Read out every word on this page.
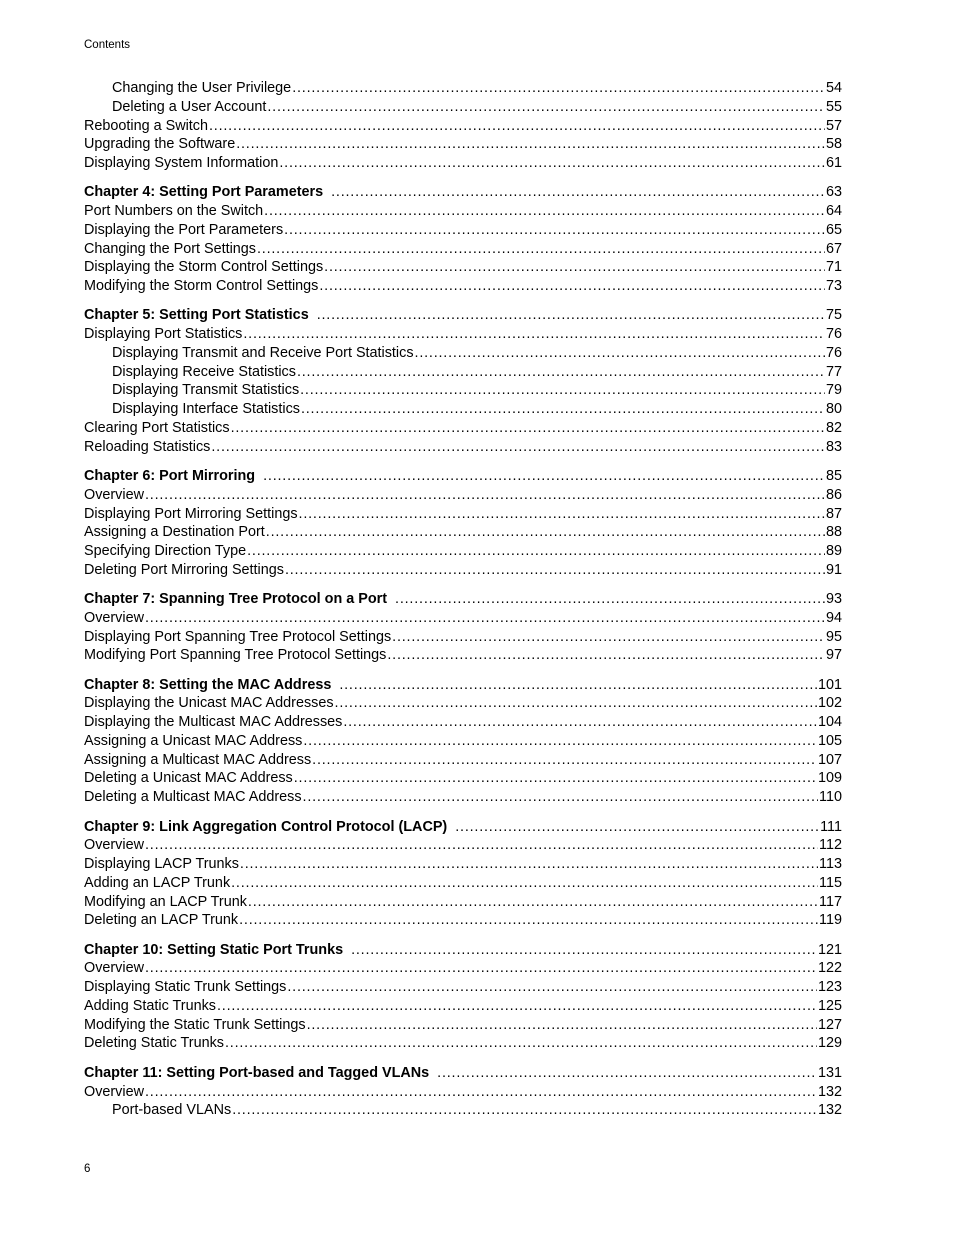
Contents
Changing the User Privilege . . .	54
Deleting a User Account . . .	55
Rebooting a Switch . . .	57
Upgrading the Software . . .	58
Displaying System Information . . .	61
Chapter 4: Setting Port Parameters . . .	63
Port Numbers on the Switch . . .	64
Displaying the Port Parameters . . .	65
Changing the Port Settings . . .	67
Displaying the Storm Control Settings . . .	71
Modifying the Storm Control Settings . . .	73
Chapter 5: Setting Port Statistics . . .	75
Displaying Port Statistics . . .	76
Displaying Transmit and Receive Port Statistics . . .	76
Displaying Receive Statistics . . .	77
Displaying Transmit Statistics . . .	79
Displaying Interface Statistics . . .	80
Clearing Port Statistics . . .	82
Reloading Statistics . . .	83
Chapter 6: Port Mirroring . . .	85
Overview . . .	86
Displaying Port Mirroring Settings . . .	87
Assigning a Destination Port . . .	88
Specifying Direction Type . . .	89
Deleting Port Mirroring Settings . . .	91
Chapter 7: Spanning Tree Protocol on a Port . . .	93
Overview . . .	94
Displaying Port Spanning Tree Protocol Settings . . .	95
Modifying Port Spanning Tree Protocol Settings . . .	97
Chapter 8: Setting the MAC Address . . .	101
Displaying the Unicast MAC Addresses . . .	102
Displaying the Multicast MAC Addresses . . .	104
Assigning a Unicast MAC Address . . .	105
Assigning a Multicast MAC Address . . .	107
Deleting a Unicast MAC Address . . .	109
Deleting a Multicast MAC Address . . .	110
Chapter 9: Link Aggregation Control Protocol (LACP) . . .	111
Overview . . .	112
Displaying LACP Trunks . . .	113
Adding an LACP Trunk . . .	115
Modifying an LACP Trunk . . .	117
Deleting an LACP Trunk . . .	119
Chapter 10: Setting Static Port Trunks . . .	121
Overview . . .	122
Displaying Static Trunk Settings . . .	123
Adding Static Trunks . . .	125
Modifying the Static Trunk Settings . . .	127
Deleting Static Trunks . . .	129
Chapter 11: Setting Port-based and Tagged VLANs . . .	131
Overview . . .	132
Port-based VLANs . . .	132
6
